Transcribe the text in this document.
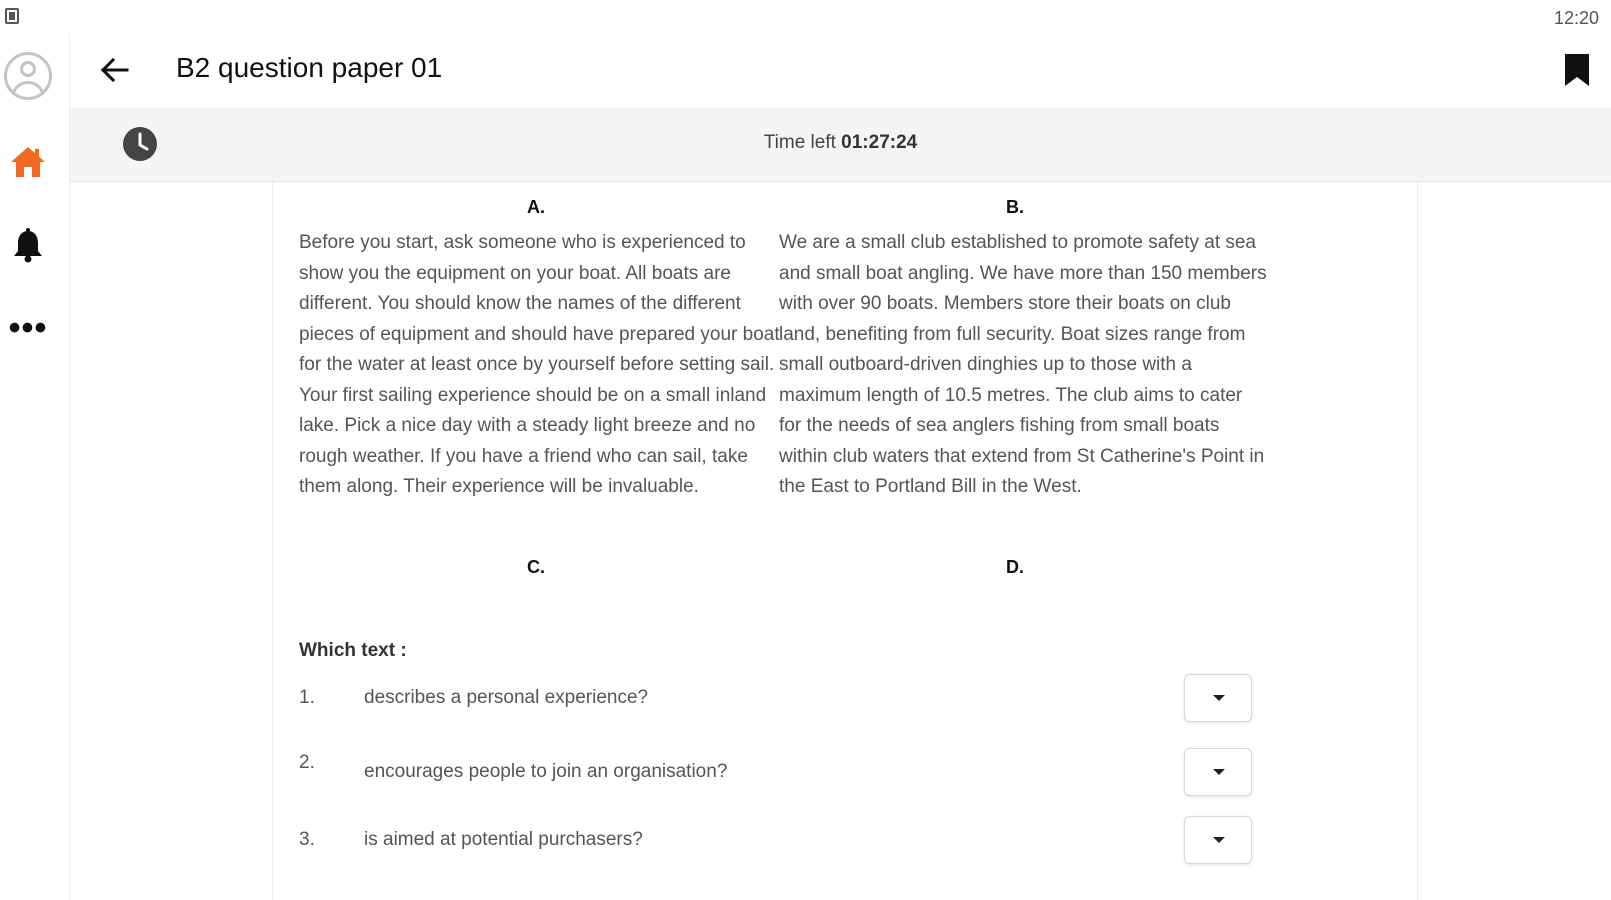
12:20
•••
B2 question paper 01
Time left 01:27:24
A.	B.
Before you start, ask someone who is experienced to show you the equipment on your boat. All boats are different. You should know the names of the different pieces of equipment and should have prepared your boat for the water at least once by yourself before setting sail. Your first sailing experience should be on a small inland lake. Pick a nice day with a steady light breeze and no rough weather. If you have a friend who can sail, take them along. Their experience will be invaluable.
We are a small club established to promote safety at sea and small boat angling. We have more than 150 members with over 90 boats. Members store their boats on club land, benefiting from full security. Boat sizes range from small outboard-driven dinghies up to those with a maximum length of 10.5 metres. The club aims to cater for the needs of sea anglers fishing from small boats within club waters that extend from St Catherine's Point in the East to Portland Bill in the West.
C.	D.
Which text :
1.	describes a personal experience?
2.	encourages people to join an organisation?
3.	is aimed at potential purchasers?
